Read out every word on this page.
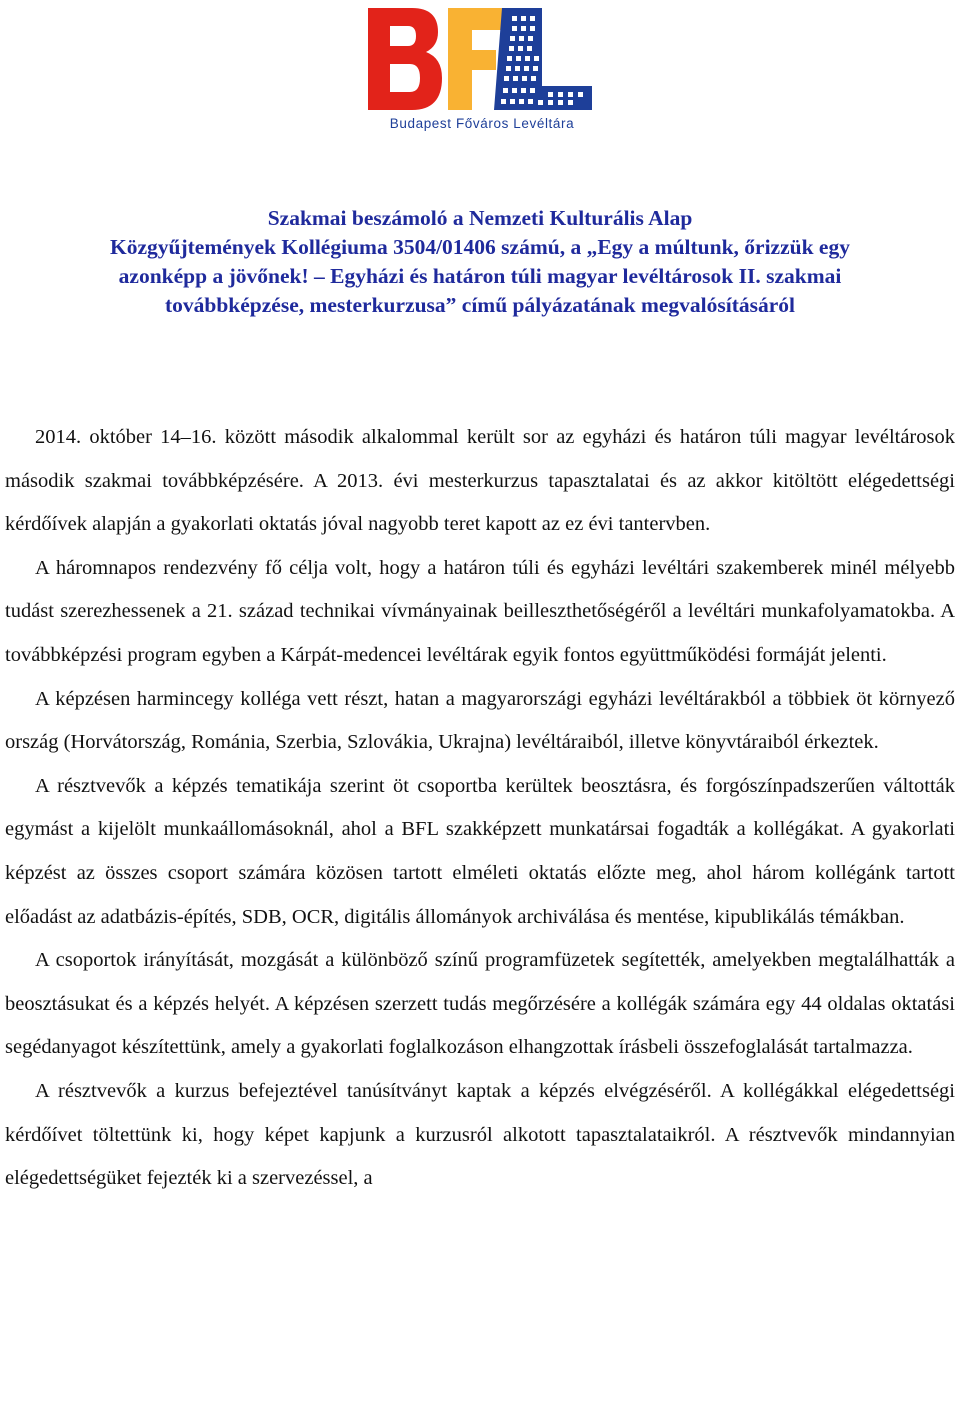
Budapest Főváros Levéltára
Szakmai beszámoló a Nemzeti Kulturális Alap
Közgyűjtemények Kollégiuma 3504/01406 számú, a „Egy a múltunk, őrizzük egy
azonképp a jövőnek! – Egyházi és határon túli magyar levéltárosok II. szakmai
továbbképzése, mesterkurzusa” című pályázatának megvalósításáról

2014. október 14–16. között második alkalommal került sor az egyházi és határon túli magyar levéltárosok második szakmai továbbképzésére. A 2013. évi mesterkurzus tapasztalatai és az akkor kitöltött elégedettségi kérdőívek alapján a gyakorlati oktatás jóval nagyobb teret kapott az ez évi tantervben.

A háromnapos rendezvény fő célja volt, hogy a határon túli és egyházi levéltári szakemberek minél mélyebb tudást szerezhessenek a 21. század technikai vívmányainak beilleszthetőségéről a levéltári munkafolyamatokba. A továbbképzési program egyben a Kárpát-medencei levéltárak egyik fontos együttműködési formáját jelenti.

A képzésen harmincegy kolléga vett részt, hatan a magyarországi egyházi levéltárakból a többiek öt környező ország (Horvátország, Románia, Szerbia, Szlovákia, Ukrajna) levéltáraiból, illetve könyvtáraiból érkeztek.

A résztvevők a képzés tematikája szerint öt csoportba kerültek beosztásra, és forgószínpadszerűen váltották egymást a kijelölt munkaállomásoknál, ahol a BFL szakképzett munkatársai fogadták a kollégákat. A gyakorlati képzést az összes csoport számára közösen tartott elméleti oktatás előzte meg, ahol három kollégánk tartott előadást az adatbázis-építés, SDB, OCR, digitális állományok archiválása és mentése, kipublikálás témákban.

A csoportok irányítását, mozgását a különböző színű programfüzetek segítették, amelyekben megtalálhatták a beosztásukat és a képzés helyét. A képzésen szerzett tudás megőrzésére a kollégák számára egy 44 oldalas oktatási segédanyagot készítettünk, amely a gyakorlati foglalkozáson elhangzottak írásbeli összefoglalását tartalmazza.

A résztvevők a kurzus befejeztével tanúsítványt kaptak a képzés elvégzéséről. A kollégákkal elégedettségi kérdőívet töltettünk ki, hogy képet kapjunk a kurzusról alkotott tapasztalataikról. A résztvevők mindannyian elégedettségüket fejezték ki a szervezéssel, a
